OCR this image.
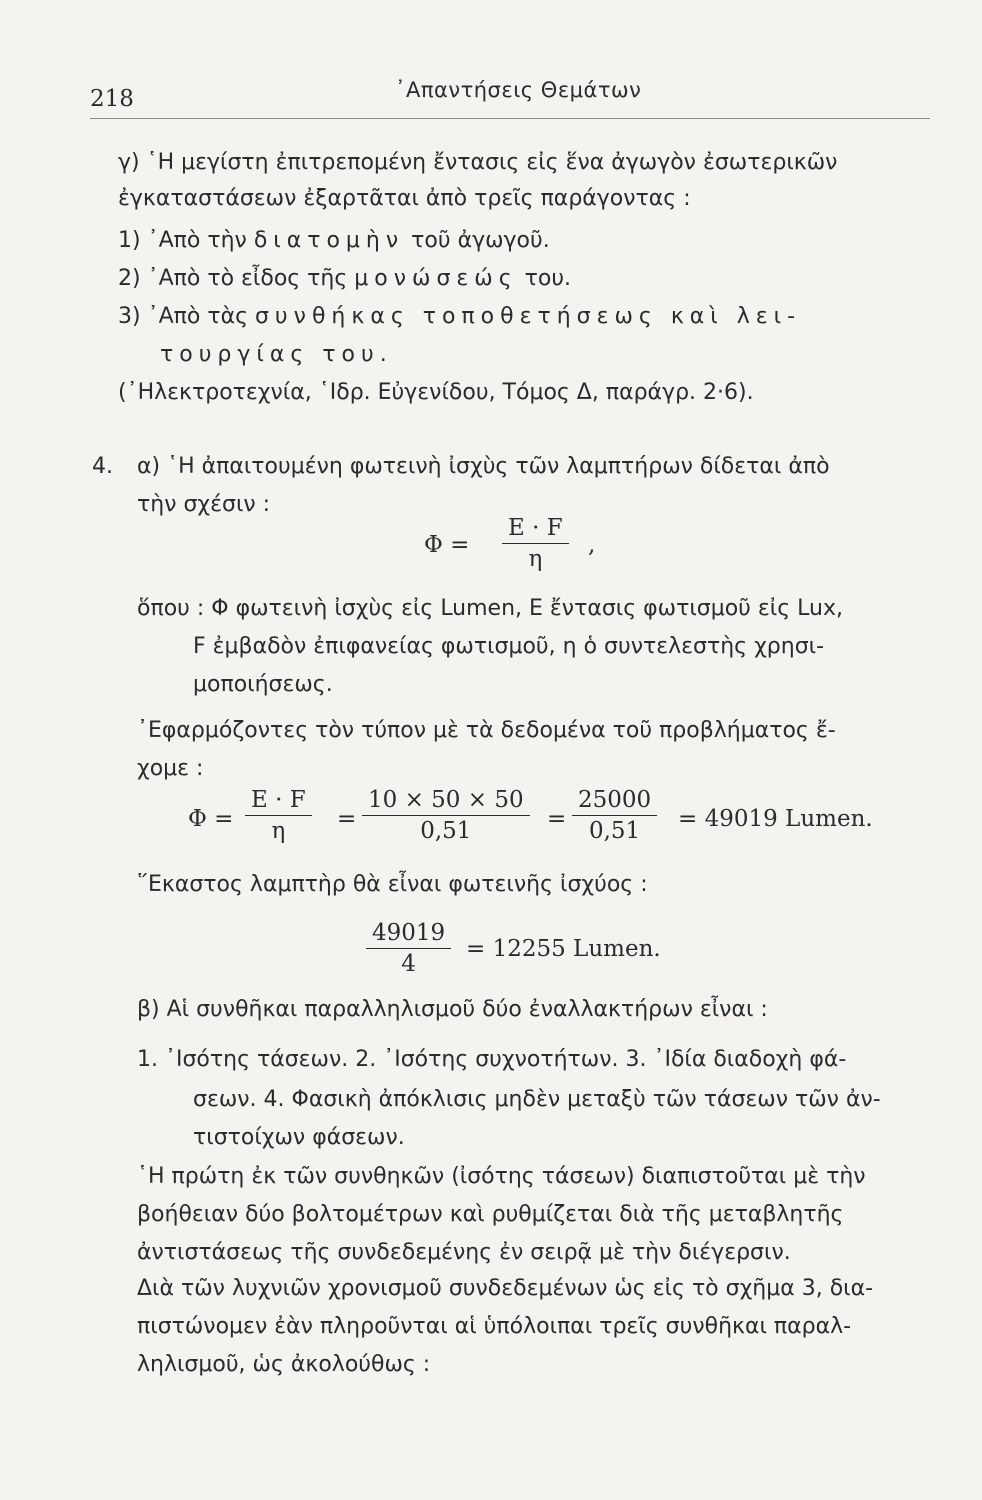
218	᾿Απαντήσεις Θεμάτων
γ) ῾Η μεγίστη ἐπιτρεπομένη ἔντασις εἰς ἕνα ἀγωγὸν ἐσωτερικῶν
ἐγκαταστάσεων ἐξαρτᾶται ἀπὸ τρεῖς παράγοντας :
1) ᾿Απὸ τὴν διατομὴν τοῦ ἀγωγοῦ.
2) ᾿Απὸ τὸ εἶδος τῆς μονώσεώς του.
3) ᾿Απὸ τὰς συνθήκας τοποθετήσεως καὶ λει-
τουργίας του.
(᾿Ηλεκτροτεχνία, ῾Ιδρ. Εὐγενίδου, Τόμος Δ, παράγρ. 2·6).
4. α) ῾Η ἀπαιτουμένη φωτεινὴ ἰσχὺς τῶν λαμπτήρων δίδεται ἀπὸ
τὴν σχέσιν :
$\Phi = \frac{E \cdot F}{\eta}$ ,
ὅπου : Φ φωτεινὴ ἰσχὺς εἰς Lumen, E ἔντασις φωτισμοῦ εἰς Lux,
F ἐμβαδὸν ἐπιφανείας φωτισμοῦ, η ὁ συντελεστὴς χρησι-
μοποιήσεως.
᾿Εφαρμόζοντες τὸν τύπον μὲ τὰ δεδομένα τοῦ προβλήματος ἔ-
χομε :
$\Phi = \frac{E \cdot F}{\eta} = \frac{10 \times 50 \times 50}{0,51} = \frac{25000}{0,51} = 49019$ Lumen.
῞Εκαστος λαμπτὴρ θὰ εἶναι φωτεινῆς ἰσχύος :
$\frac{49019}{4} = 12255$ Lumen.
β) Αἱ συνθῆκαι παραλληλισμοῦ δύο ἐναλλακτήρων εἶναι :
1. ᾿Ισότης τάσεων. 2. ᾿Ισότης συχνοτήτων. 3. ᾿Ιδία διαδοχὴ φά-
σεων. 4. Φασικὴ ἀπόκλισις μηδὲν μεταξὺ τῶν τάσεων τῶν ἀν-
τιστοίχων φάσεων.
῾Η πρώτη ἐκ τῶν συνθηκῶν (ἰσότης τάσεων) διαπιστοῦται μὲ τὴν
βοήθειαν δύο βολτομέτρων καὶ ρυθμίζεται διὰ τῆς μεταβλητῆς
ἀντιστάσεως τῆς συνδεδεμένης ἐν σειρᾷ μὲ τὴν διέγερσιν.
Διὰ τῶν λυχνιῶν χρονισμοῦ συνδεδεμένων ὡς εἰς τὸ σχῆμα 3, δια-
πιστώνομεν ἐὰν πληροῦνται αἱ ὑπόλοιπαι τρεῖς συνθῆκαι παραλ-
ληλισμοῦ, ὡς ἀκολούθως :
